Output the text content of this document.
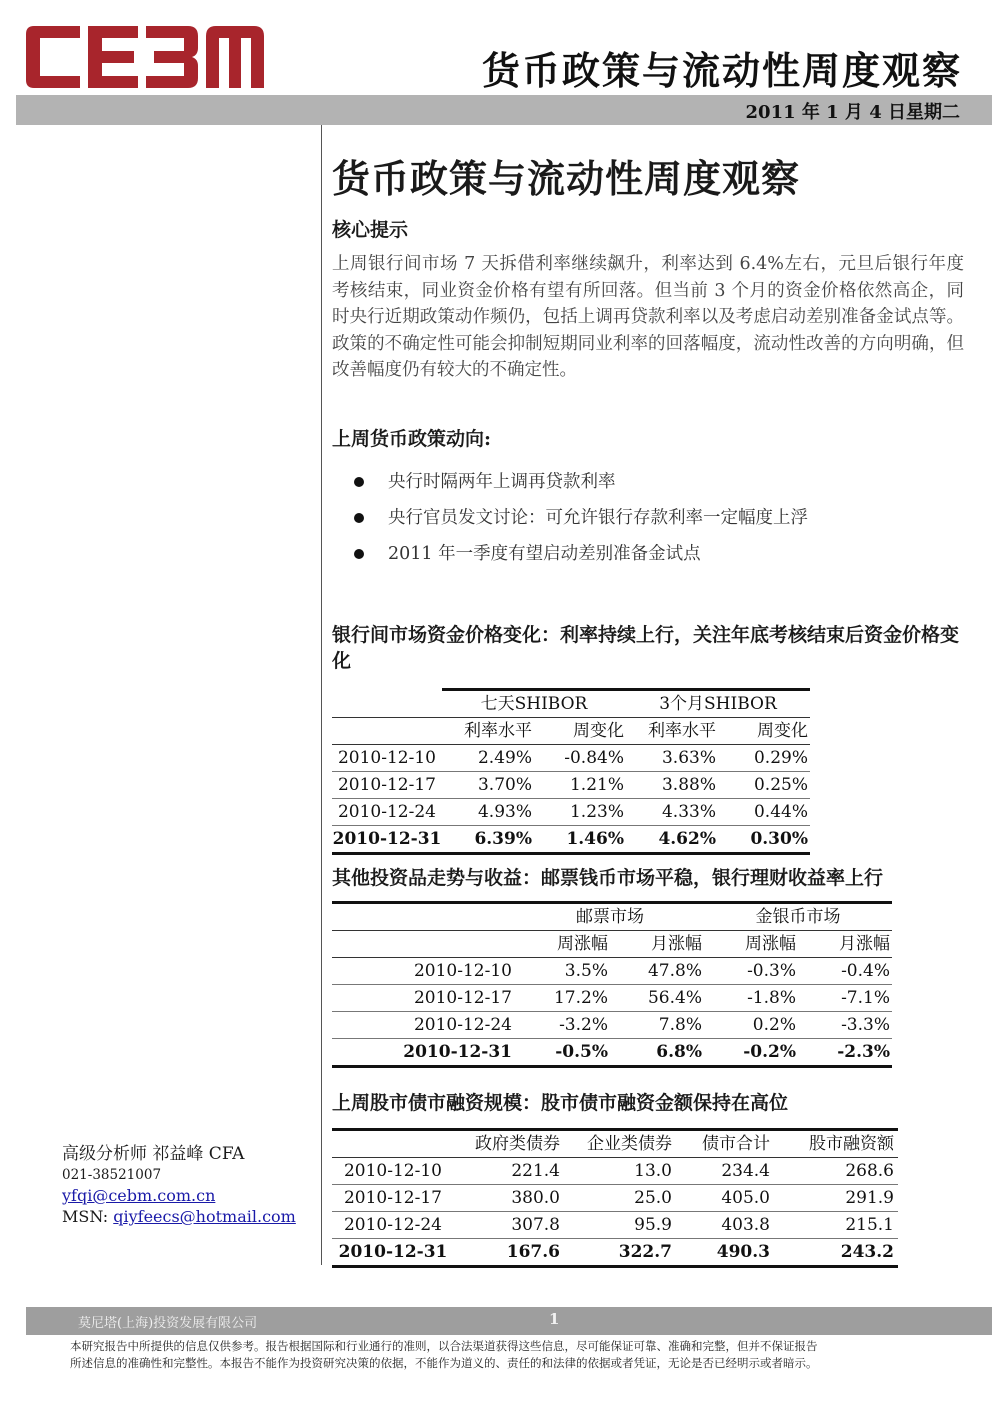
货币政策与流动性周度观察
2011 年 1 月 4 日星期二
货币政策与流动性周度观察
核心提示

上周银行间市场 7 天拆借利率继续飙升，利率达到 6.4%左右，元旦后银行年度考核结束，同业资金价格有望有所回落。但当前 3 个月的资金价格依然高企，同时央行近期政策动作频仍，包括上调再贷款利率以及考虑启动差别准备金试点等。政策的不确定性可能会抑制短期同业利率的回落幅度，流动性改善的方向明确，但改善幅度仍有较大的不确定性。

上周货币政策动向:
央行时隔两年上调再贷款利率
央行官员发文讨论：可允许银行存款利率一定幅度上浮
2011 年一季度有望启动差别准备金试点
银行间市场资金价格变化：利率持续上行，关注年底考核结束后资金价格变化
	七天SHIBOR		3个月SHIBOR	
	利率水平	周变化	利率水平	周变化
2010-12-10	2.49%	-0.84%	3.63%	0.29%
2010-12-17	3.70%	1.21%	3.88%	0.25%
2010-12-24	4.93%	1.23%	4.33%	0.44%
2010-12-31	6.39%	1.46%	4.62%	0.30%
其他投资品走势与收益：邮票钱币市场平稳，银行理财收益率上行
	邮票市场		金银币市场	
	周涨幅	月涨幅	周涨幅	月涨幅
2010-12-10	3.5%	47.8%	-0.3%	-0.4%
2010-12-17	17.2%	56.4%	-1.8%	-7.1%
2010-12-24	-3.2%	7.8%	0.2%	-3.3%
2010-12-31	-0.5%	6.8%	-0.2%	-2.3%
上周股市债市融资规模：股市债市融资金额保持在高位
	政府类债券	企业类债券	债市合计	股市融资额
2010-12-10	221.4	13.0	234.4	268.6
2010-12-17	380.0	25.0	405.0	291.9
2010-12-24	307.8	95.9	403.8	215.1
2010-12-31	167.6	322.7	490.3	243.2
高级分析师 祁益峰 CFA
021-38521007
yfqi@cebm.com.cn
MSN: qiyfeecs@hotmail.com
莫尼塔(上海)投资发展有限公司	1
本研究报告中所提供的信息仅供参考。报告根据国际和行业通行的准则，以合法渠道获得这些信息，尽可能保证可靠、准确和完整，但并不保证报告
所述信息的准确性和完整性。本报告不能作为投资研究决策的依据，不能作为道义的、责任的和法律的依据或者凭证，无论是否已经明示或者暗示。
